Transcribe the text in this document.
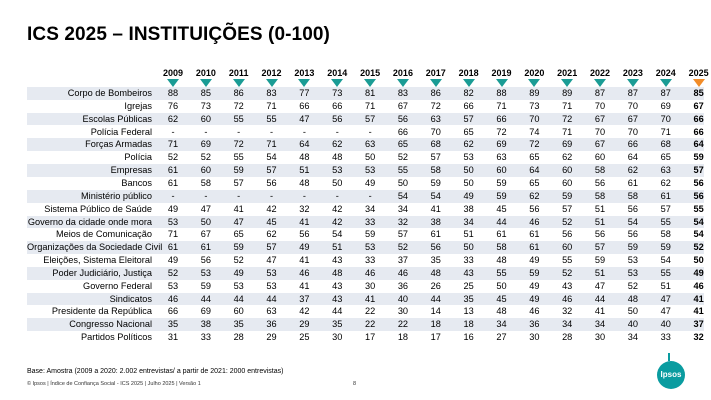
ICS 2025 – INSTITUIÇÕES (0-100)
2009	2010	2011	2012	2013	2014	2015	2016	2017	2018	2019	2020	2021	2022	2023	2024	2025
Corpo de Bombeiros	88	85	86	83	77	73	81	83	86	82	88	89	89	87	87	87	85
Igrejas	76	73	72	71	66	66	71	67	72	66	71	73	71	70	70	69	67
Escolas Públicas	62	60	55	55	47	56	57	56	63	57	66	70	72	67	67	70	66
Polícia Federal	-	-	-	-	-	-	-	66	70	65	72	74	71	70	70	71	66
Forças Armadas	71	69	72	71	64	62	63	65	68	62	69	72	69	67	66	68	64
Polícia	52	52	55	54	48	48	50	52	57	53	63	65	62	60	64	65	59
Empresas	61	60	59	57	51	53	53	55	58	50	60	64	60	58	62	63	57
Bancos	61	58	57	56	48	50	49	50	59	50	59	65	60	56	61	62	56
Ministério público	-	-	-	-	-	-	-	54	54	49	59	62	59	58	58	61	56
Sistema Público de Saúde	49	47	41	42	32	42	34	34	41	38	45	56	57	51	56	57	55
Governo da cidade onde mora	53	50	47	45	41	42	33	32	38	34	44	46	52	51	54	55	54
Meios de Comunicação	71	67	65	62	56	54	59	57	61	51	61	61	56	56	56	58	54
Organizações da Sociedade Civil 61	61	59	57	49	51	53	52	56	50	58	61	60	57	59	59	52
Eleições, Sistema Eleitoral	49	56	52	47	41	43	33	37	35	33	48	49	55	59	53	54	50
Poder Judiciário, Justiça	52	53	49	53	46	48	46	46	48	43	55	59	52	51	53	55	49
Governo Federal	53	59	53	53	41	43	30	36	26	25	50	49	43	47	52	51	46
Sindicatos	46	44	44	44	37	43	41	40	44	35	45	49	46	44	48	47	41
Presidente da República	66	69	60	63	42	44	22	30	14	13	48	46	32	41	50	47	41
Congresso Nacional	35	38	35	36	29	35	22	22	18	18	34	36	34	34	40	40	37
Partidos Políticos	31	33	28	29	25	30	17	18	17	16	27	30	28	30	34	33	32
Base: Amostra (2009 a 2020: 2.002 entrevistas/ a partir de 2021: 2000 entrevistas)
© Ipsos | Índice de Confiança Social - ICS 2025 | Julho 2025 | Versão 1	8
Ipsos
